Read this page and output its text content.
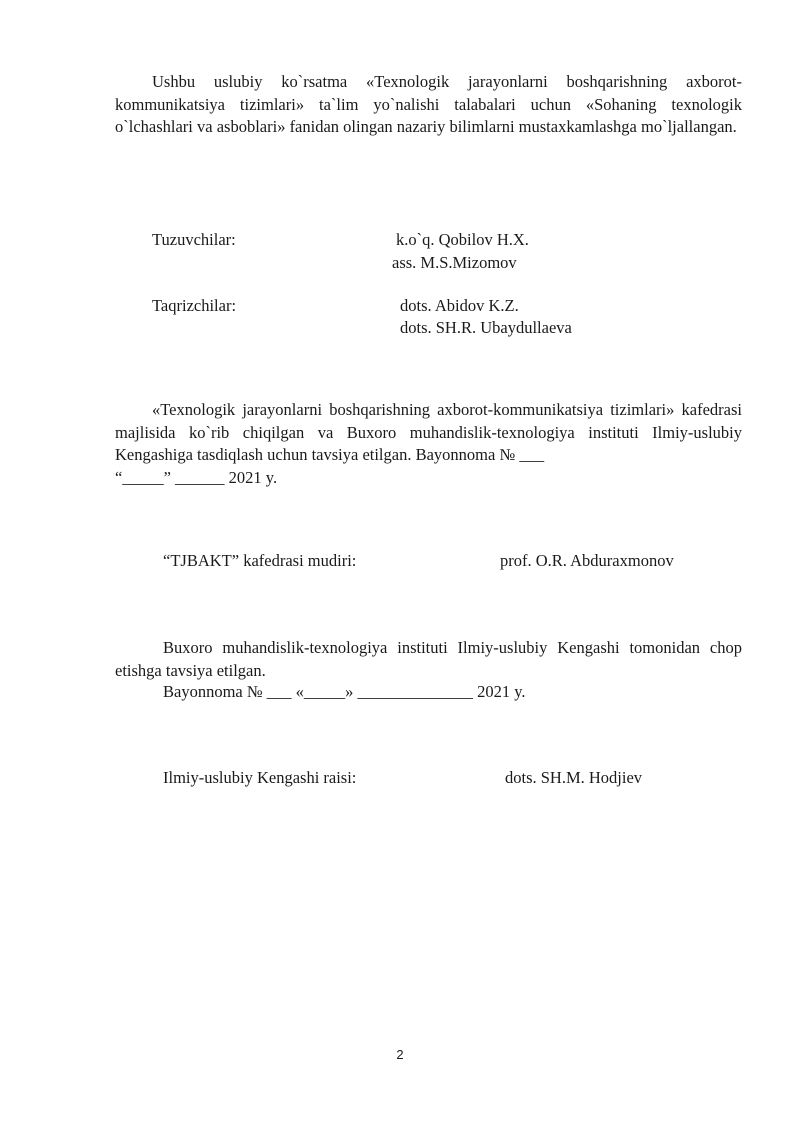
Ushbu uslubiy ko`rsatma «Texnologik jarayonlarni boshqarishning axborot-kommunikatsiya tizimlari» ta`lim yo`nalishi talabalari uchun «Sohaning texnologik o`lchashlari va asboblari» fanidan olingan nazariy bilimlarni mustaxkamlashga mo`ljallangan.

Tuzuvchilar:	k.o`q. Qobilov H.X.
ass. M.S.Mizomov
Taqrizchilar:	dots. Abidov K.Z.
dots. SH.R. Ubaydullaeva

«Texnologik jarayonlarni boshqarishning axborot-kommunikatsiya tizimlari» kafedrasi majlisida ko`rib chiqilgan va Buxoro muhandislik-texnologiya instituti Ilmiy-uslubiy Kengashiga tasdiqlash uchun tavsiya etilgan. Bayonnoma № ___
“_____” ______ 2021 y.

“TJBAKT” kafedrasi mudiri:	prof. O.R. Abduraxmonov

Buxoro muhandislik-texnologiya instituti Ilmiy-uslubiy Kengashi tomonidan chop etishga tavsiya etilgan.

Bayonnoma № ___ «_____» ______________ 2021 y.
Ilmiy-uslubiy Kengashi raisi:	dots. SH.M. Hodjiev
2
